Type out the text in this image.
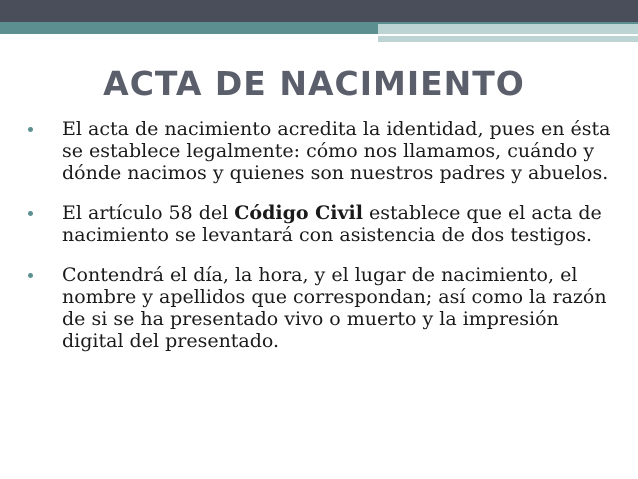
ACTA DE NACIMIENTO
El acta de nacimiento acredita la identidad, pues en ésta se establece legalmente: cómo nos llamamos, cuándo y dónde nacimos y quienes son nuestros padres y abuelos.
El artículo 58 del Código Civil establece que el acta de nacimiento se levantará con asistencia de dos testigos.
Contendrá el día, la hora, y el lugar de nacimiento, el nombre y apellidos que correspondan; así como la razón de si se ha presentado vivo o muerto y la impresión digital del presentado.
